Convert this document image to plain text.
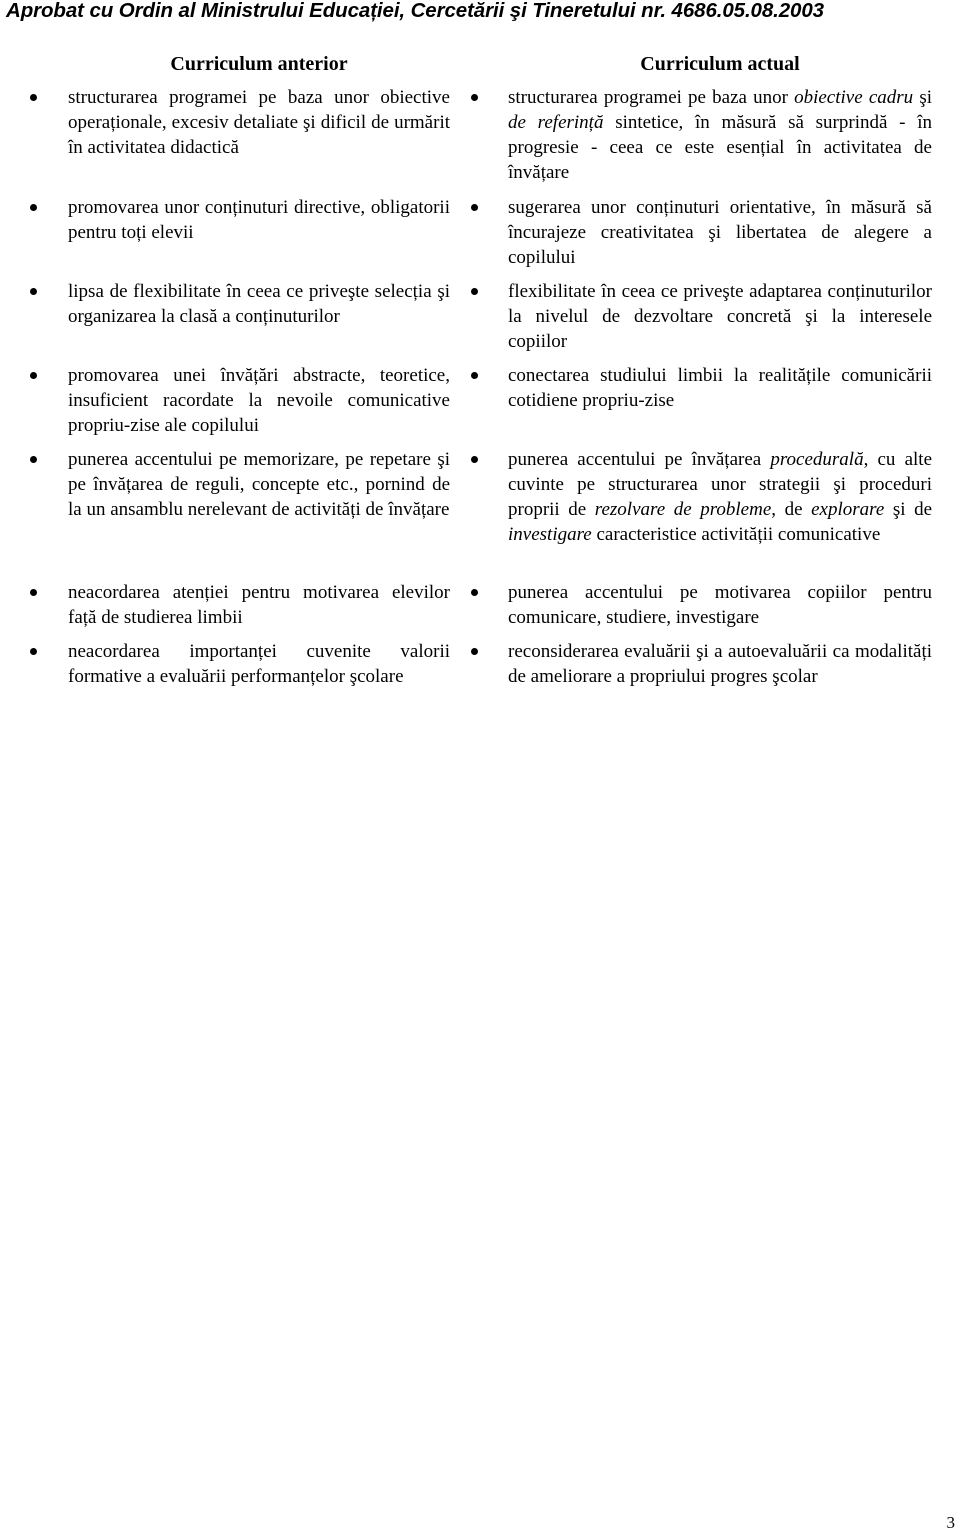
Aprobat cu Ordin al Ministrului Educației, Cercetării şi Tineretului nr. 4686.05.08.2003
Curriculum anterior	Curriculum actual
structurarea programei pe baza unor obiective operaționale, excesiv detaliate şi dificil de urmărit în activitatea didactică
promovarea unor conținuturi directive, obligatorii pentru toți elevii
lipsa de flexibilitate în ceea ce priveşte selecția şi organizarea la clasă a conținuturilor
promovarea unei învățări abstracte, teoretice, insuficient racordate la nevoile comunicative propriu-zise ale copilului
punerea accentului pe memorizare, pe repetare şi pe învățarea de reguli, concepte etc., pornind de la un ansamblu nerelevant de activități de învățare
neacordarea atenției pentru motivarea elevilor față de studierea limbii
neacordarea importanței cuvenite valorii formative a evaluării performanțelor şcolare
structurarea programei pe baza unor obiective cadru şi de referință sintetice, în măsură să surprindă - în progresie - ceea ce este esențial în activitatea de învățare
sugerarea unor conținuturi orientative, în măsură să încurajeze creativitatea şi libertatea de alegere a copilului
flexibilitate în ceea ce priveşte adaptarea conținuturilor la nivelul de dezvoltare concretă şi la interesele copiilor
conectarea studiului limbii la realitățile comunicării cotidiene propriu-zise
punerea accentului pe învățarea procedurală, cu alte cuvinte pe structurarea unor strategii şi proceduri proprii de rezolvare de probleme, de explorare şi de investigare caracteristice activității comunicative
punerea accentului pe motivarea copiilor pentru comunicare, studiere, investigare
reconsiderarea evaluării şi a autoevaluării ca modalități de ameliorare a propriului progres şcolar
3
